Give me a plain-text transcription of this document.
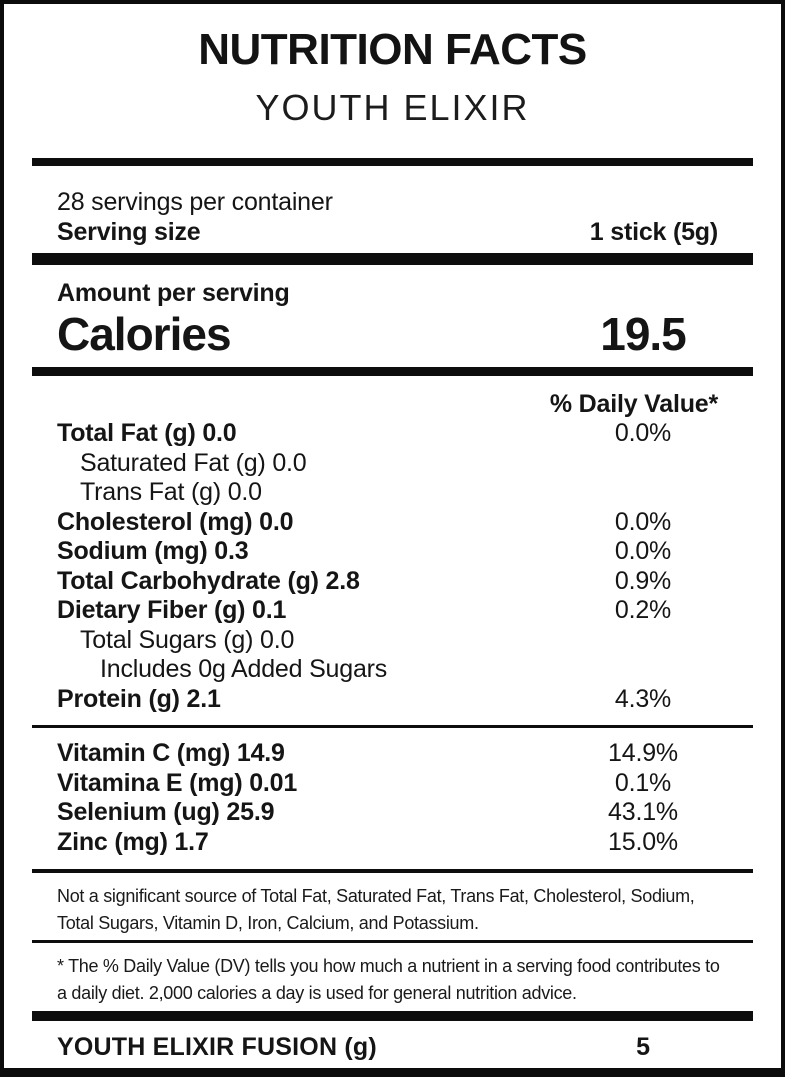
NUTRITION FACTS
YOUTH ELIXIR
28 servings per container
Serving size	1 stick (5g)
Amount per serving
Calories	19.5
% Daily Value*
Total Fat (g) 0.0	0.0%
Saturated Fat (g) 0.0
Trans Fat (g) 0.0
Cholesterol (mg) 0.0	0.0%
Sodium (mg) 0.3	0.0%
Total Carbohydrate (g) 2.8	0.9%
Dietary Fiber (g) 0.1	0.2%
Total Sugars (g) 0.0
Includes 0g Added Sugars
Protein (g) 2.1	4.3%
Vitamin C (mg) 14.9	14.9%
Vitamina E (mg) 0.01	0.1%
Selenium (ug) 25.9	43.1%
Zinc (mg) 1.7	15.0%
Not a significant source of Total Fat, Saturated Fat, Trans Fat, Cholesterol, Sodium, Total Sugars, Vitamin D, Iron, Calcium, and Potassium.
* The % Daily Value (DV) tells you how much a nutrient in a serving food contributes to a daily diet. 2,000 calories a day is used for general nutrition advice.
YOUTH ELIXIR FUSION (g)	5
